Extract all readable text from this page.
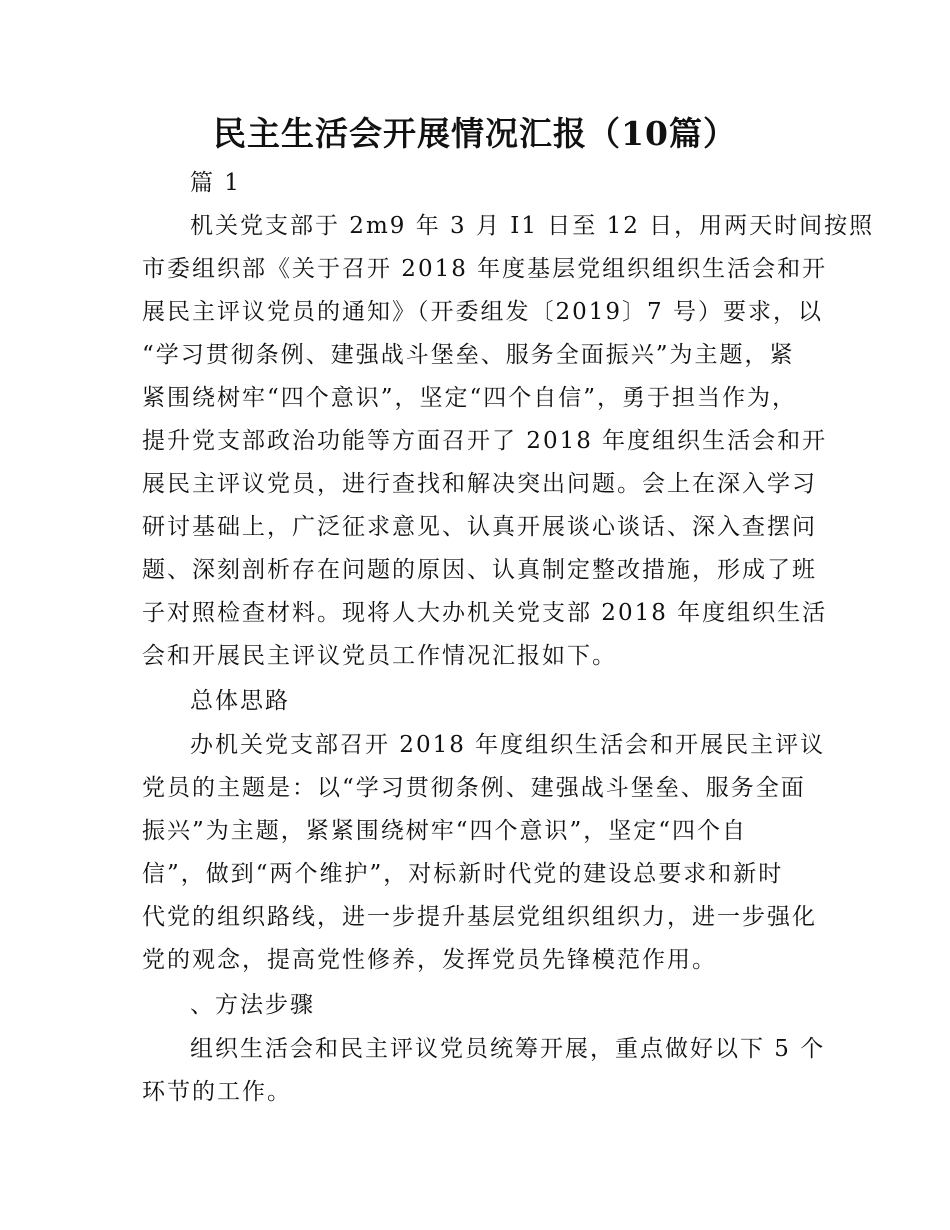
民主生活会开展情况汇报（10篇）
篇 1
机关党支部于 2m9 年 3 月 I1 日至 12 日，用两天时间按照
市委组织部《关于召开 2018 年度基层党组织组织生活会和开
展民主评议党员的通知》（开委组发〔2019〕7 号）要求，以
“学习贯彻条例、建强战斗堡垒、服务全面振兴”为主题，紧
紧围绕树牢“四个意识”，坚定“四个自信”，勇于担当作为，
提升党支部政治功能等方面召开了 2018 年度组织生活会和开
展民主评议党员，进行查找和解决突出问题。会上在深入学习
研讨基础上，广泛征求意见、认真开展谈心谈话、深入查摆问
题、深刻剖析存在问题的原因、认真制定整改措施，形成了班
子对照检查材料。现将人大办机关党支部 2018 年度组织生活
会和开展民主评议党员工作情况汇报如下。
总体思路
办机关党支部召开 2018 年度组织生活会和开展民主评议
党员的主题是：以“学习贯彻条例、建强战斗堡垒、服务全面
振兴”为主题，紧紧围绕树牢“四个意识”，坚定“四个自
信”，做到“两个维护”，对标新时代党的建设总要求和新时
代党的组织路线，进一步提升基层党组织组织力，进一步强化
党的观念，提高党性修养，发挥党员先锋模范作用。
、方法步骤
组织生活会和民主评议党员统筹开展，重点做好以下 5 个
环节的工作。
